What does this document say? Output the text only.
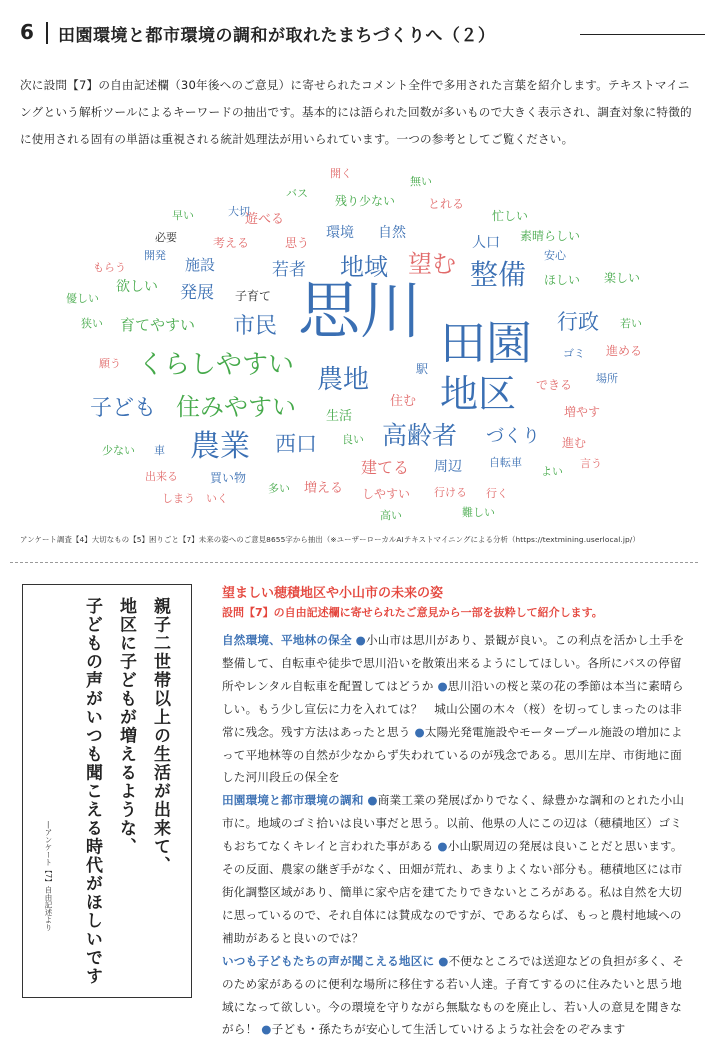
6 田園環境と都市環境の調和が取れたまちづくりへ（２）

次に設問【7】の自由記述欄（30年後へのご意見）に寄せられたコメント全件で多用された言葉を紹介します。テキストマイニングという解析ツールによるキーワードの抽出です。基本的には語られた回数が多いもので大きく表示され、調査対象に特徴的に使用される固有の単語は重視される統計処理法が用いられています。一つの参考としてご覧ください。

思川 田園
地区
整備
農業
農地
くらしやすい
住みやすい
子ども
高齢者
地域 望む
市民	行政
西口	づくり
建てる
育てやすい
発展
若者
施設
人口
自然
環境
周辺
生活
欲しい
子育て
開く
無い
バス
残り少ない	とれる
早い	大切
遊べる	忙しい
必要	考える	思う	素晴らしい
開発	安心
もらう
ほしい 楽しい
優しい
狭い	若い
ゴミ 進める
願う	駅
できる 場所
住む
増やす
少ない 車
良い	進む
自転車	言う
出来る	よい
買い物
多い 増える しやすい 行ける 行く
しまう いく
高い	難しい
アンケート調査【4】大切なもの【5】困りごと【7】未来の姿へのご意見8655字から抽出（※ユーザーローカルAIテキストマイニングによる分析（https://textmining.userlocal.jp/）
親子二世帯以上の生活が出来て、
地区に子どもが増えるような、
子どもの声がいつも聞こえる時代がほしいです
―アンケート【7】自由記述より
望ましい穂積地区や小山市の未来の姿
設問【7】の自由記述欄に寄せられたご意見から一部を抜粋して紹介します。
自然環境、平地林の保全 ●小山市は思川があり、景観が良い。この利点を活かし土手を整備して、自転車や徒歩で思川沿いを散策出来るようにしてほしい。各所にバスの停留所やレンタル自転車を配置してはどうか ●思川沿いの桜と菜の花の季節は本当に素晴らしい。もう少し宣伝に力を入れては？　城山公園の木々（桜）を切ってしまったのは非常に残念。残す方法はあったと思う ●太陽光発電施設やモータープール施設の増加によって平地林等の自然が少なからず失われているのが残念である。思川左岸、市街地に面した河川段丘の保全を
田園環境と都市環境の調和 ●商業工業の発展ばかりでなく、緑豊かな調和のとれた小山市に。地域のゴミ拾いは良い事だと思う。以前、他県の人にこの辺は（穂積地区）ゴミもおちてなくキレイと言われた事がある ●小山駅周辺の発展は良いことだと思います。その反面、農家の継ぎ手がなく、田畑が荒れ、あまりよくない部分も。穂積地区には市街化調整区域があり、簡単に家や店を建てたりできないところがある。私は自然を大切に思っているので、それ自体には賛成なのですが、であるならば、もっと農村地域への補助があると良いのでは？
いつも子どもたちの声が聞こえる地区に ●不便なところでは送迎などの負担が多く、そのため家があるのに便利な場所に移住する若い人達。子育てするのに住みたいと思う地域になって欲しい。今の環境を守りながら無駄なものを廃止し、若い人の意見を聞きながら！ ●子ども・孫たちが安心して生活していけるような社会をのぞみます
